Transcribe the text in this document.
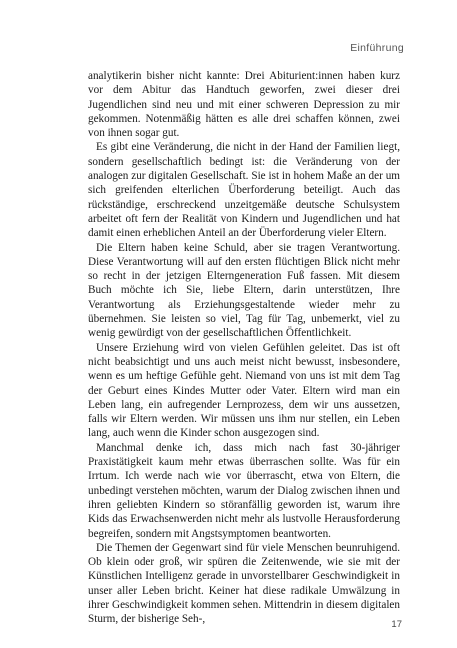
Einführung

analytikerin bisher nicht kannte: Drei Abiturient:innen haben kurz vor dem Abitur das Handtuch geworfen, zwei dieser drei Jugendlichen sind neu und mit einer schweren Depression zu mir gekommen. Notenmäßig hätten es alle drei schaffen können, zwei von ihnen sogar gut.

Es gibt eine Veränderung, die nicht in der Hand der Familien liegt, sondern gesellschaftlich bedingt ist: die Veränderung von der analogen zur digitalen Gesellschaft. Sie ist in hohem Maße an der um sich greifenden elterlichen Überforderung beteiligt. Auch das rückständige, erschreckend unzeitgemäße deutsche Schulsystem arbeitet oft fern der Realität von Kindern und Jugendlichen und hat damit einen erheblichen Anteil an der Überforderung vieler Eltern.

Die Eltern haben keine Schuld, aber sie tragen Verantwortung. Diese Verantwortung will auf den ersten flüchtigen Blick nicht mehr so recht in der jetzigen Elterngeneration Fuß fassen. Mit diesem Buch möchte ich Sie, liebe Eltern, darin unterstützen, Ihre Verantwortung als Erziehungsgestaltende wieder mehr zu übernehmen. Sie leisten so viel, Tag für Tag, unbemerkt, viel zu wenig gewürdigt von der gesellschaftlichen Öffentlichkeit.

Unsere Erziehung wird von vielen Gefühlen geleitet. Das ist oft nicht beabsichtigt und uns auch meist nicht bewusst, insbesondere, wenn es um heftige Gefühle geht. Niemand von uns ist mit dem Tag der Geburt eines Kindes Mutter oder Vater. Eltern wird man ein Leben lang, ein aufregender Lernprozess, dem wir uns aussetzen, falls wir Eltern werden. Wir müssen uns ihm nur stellen, ein Leben lang, auch wenn die Kinder schon ausgezogen sind.

Manchmal denke ich, dass mich nach fast 30-jähriger Praxistätigkeit kaum mehr etwas überraschen sollte. Was für ein Irrtum. Ich werde nach wie vor überrascht, etwa von Eltern, die unbedingt verstehen möchten, warum der Dialog zwischen ihnen und ihren geliebten Kindern so störanfällig geworden ist, warum ihre Kids das Erwachsenwerden nicht mehr als lustvolle Herausforderung begreifen, sondern mit Angstsymptomen beantworten.

Die Themen der Gegenwart sind für viele Menschen beunruhigend. Ob klein oder groß, wir spüren die Zeitenwende, wie sie mit der Künstlichen Intelligenz gerade in unvorstellbarer Geschwindigkeit in unser aller Leben bricht. Keiner hat diese radikale Umwälzung in ihrer Geschwindigkeit kommen sehen. Mittendrin in diesem digitalen Sturm, der bisherige Seh-,	17
